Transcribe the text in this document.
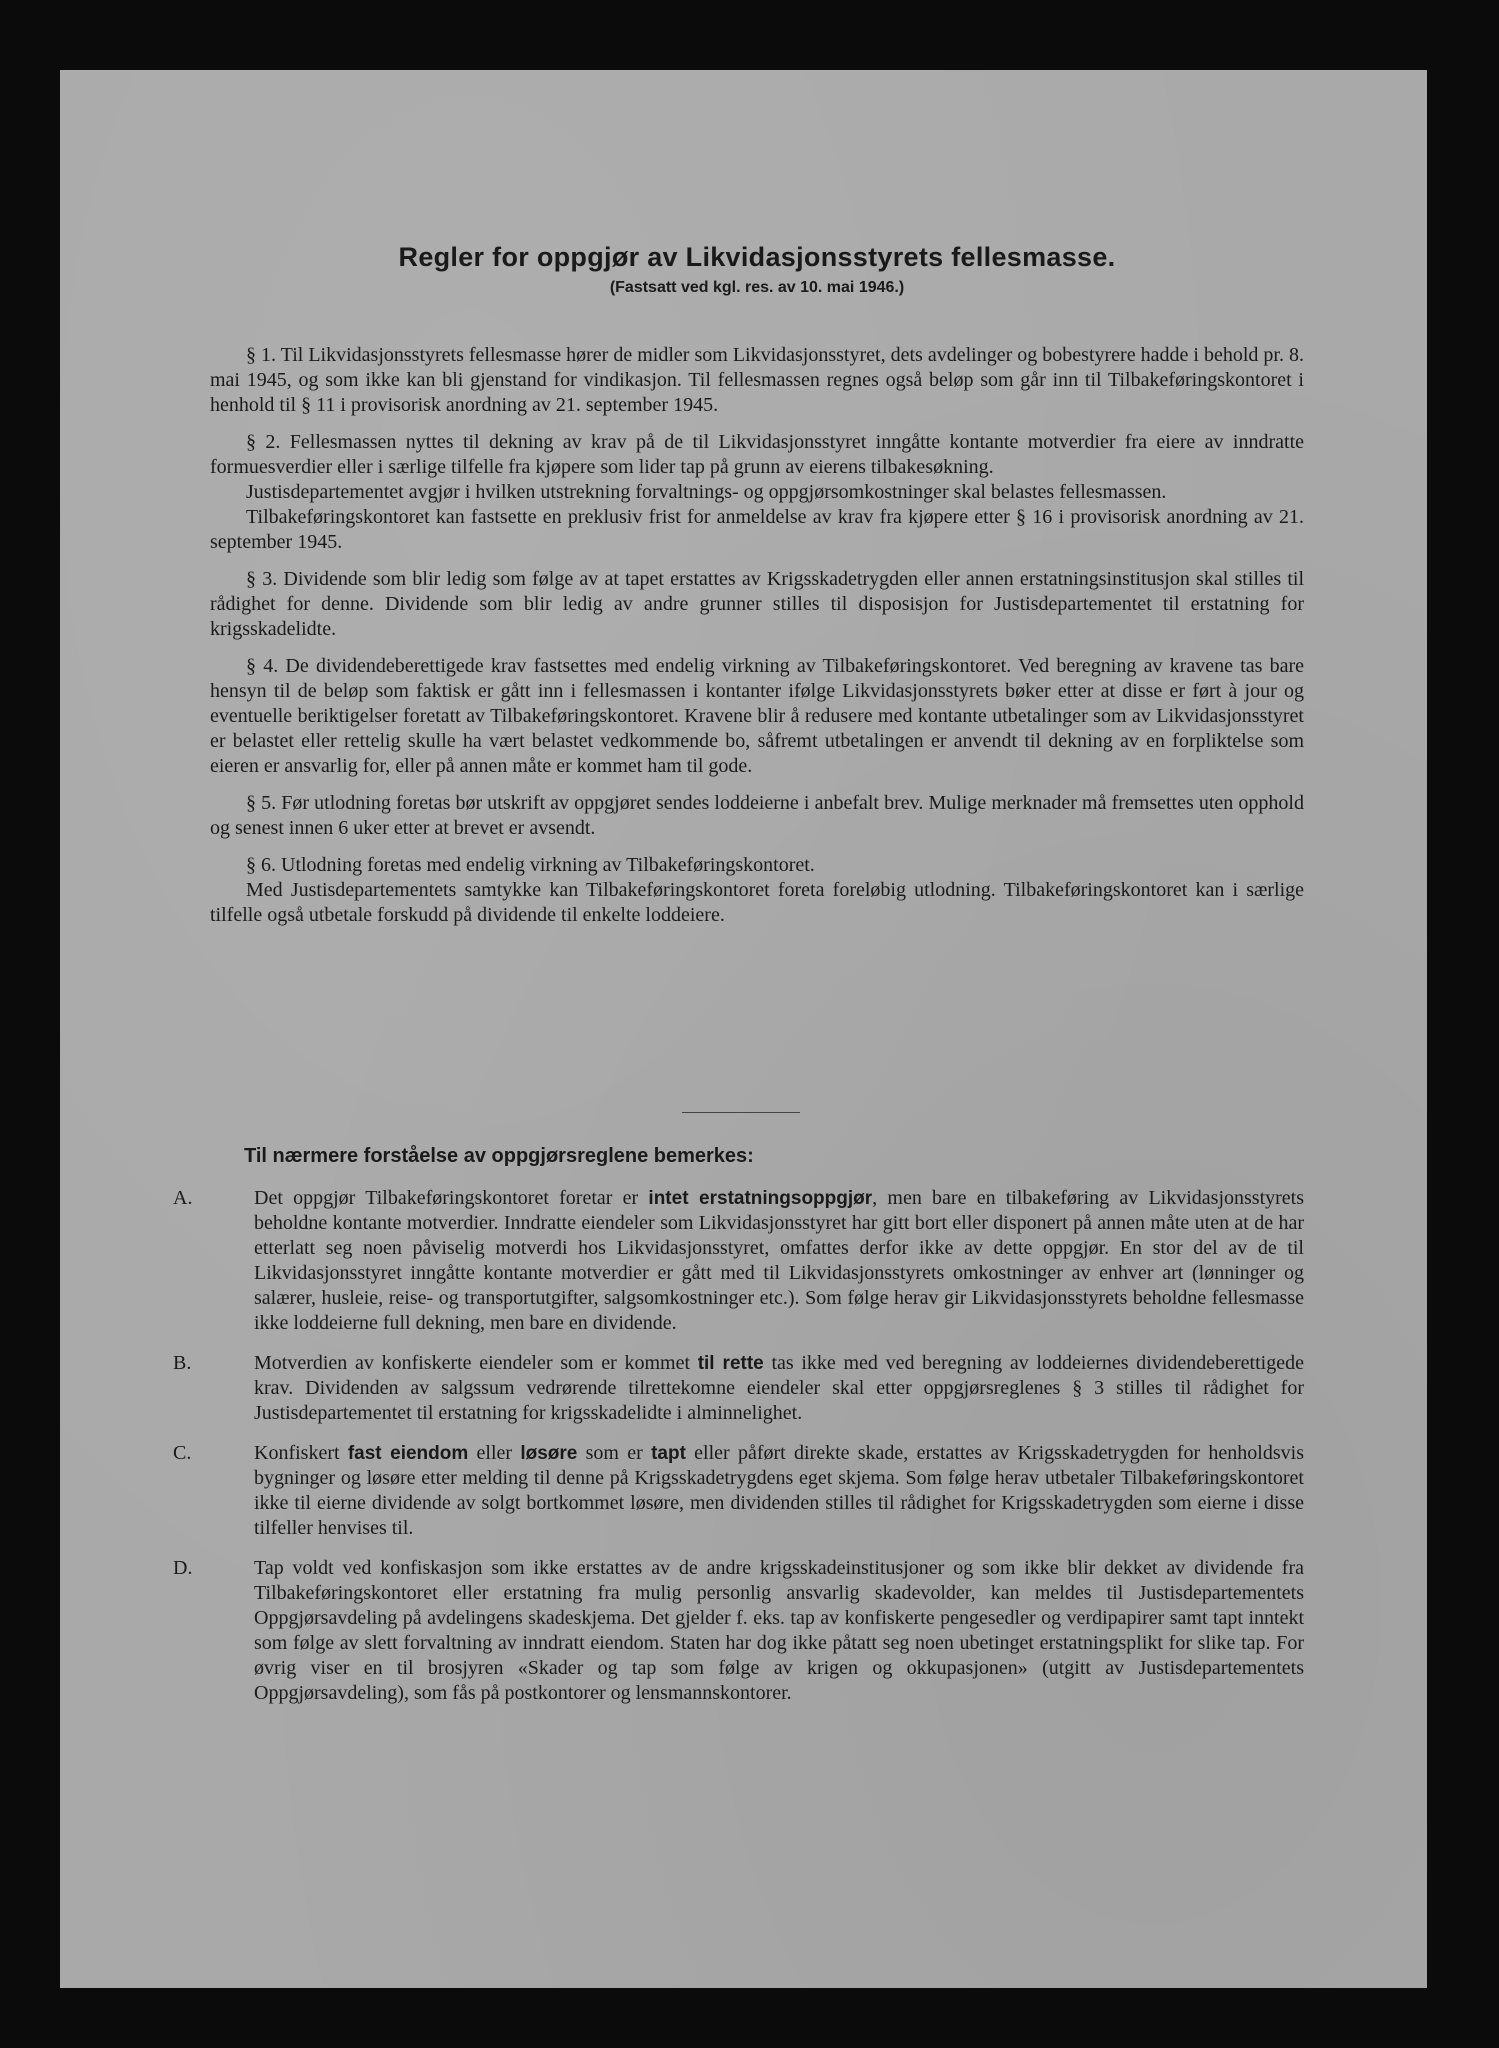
Regler for oppgjør av Likvidasjonsstyrets fellesmasse.
(Fastsatt ved kgl. res. av 10. mai 1946.)

§ 1. Til Likvidasjonsstyrets fellesmasse hører de midler som Likvidasjonsstyret, dets avdelinger og bobestyrere hadde i behold pr. 8. mai 1945, og som ikke kan bli gjenstand for vindikasjon. Til fellesmassen regnes også beløp som går inn til Tilbakeføringskontoret i henhold til § 11 i provisorisk anordning av 21. september 1945.

§ 2. Fellesmassen nyttes til dekning av krav på de til Likvidasjonsstyret inngåtte kontante motverdier fra eiere av inndratte formuesverdier eller i særlige tilfelle fra kjøpere som lider tap på grunn av eierens tilbakesøkning.

Justisdepartementet avgjør i hvilken utstrekning forvaltnings- og oppgjørsomkostninger skal belastes fellesmassen.

Tilbakeføringskontoret kan fastsette en preklusiv frist for anmeldelse av krav fra kjøpere etter § 16 i provisorisk anordning av 21. september 1945.

§ 3. Dividende som blir ledig som følge av at tapet erstattes av Krigsskadetrygden eller annen erstatningsinstitusjon skal stilles til rådighet for denne. Dividende som blir ledig av andre grunner stilles til disposisjon for Justisdepartementet til erstatning for krigsskadelidte.

§ 4. De dividendeberettigede krav fastsettes med endelig virkning av Tilbakeføringskontoret. Ved beregning av kravene tas bare hensyn til de beløp som faktisk er gått inn i fellesmassen i kontanter ifølge Likvidasjonsstyrets bøker etter at disse er ført à jour og eventuelle beriktigelser foretatt av Tilbakeføringskontoret. Kravene blir å redusere med kontante utbetalinger som av Likvidasjonsstyret er belastet eller rettelig skulle ha vært belastet vedkommende bo, såfremt utbetalingen er anvendt til dekning av en forpliktelse som eieren er ansvarlig for, eller på annen måte er kommet ham til gode.

§ 5. Før utlodning foretas bør utskrift av oppgjøret sendes loddeierne i anbefalt brev. Mulige merknader må fremsettes uten opphold og senest innen 6 uker etter at brevet er avsendt.

§ 6. Utlodning foretas med endelig virkning av Tilbakeføringskontoret.

Med Justisdepartementets samtykke kan Tilbakeføringskontoret foreta foreløbig utlodning. Tilbakeføringskontoret kan i særlige tilfelle også utbetale forskudd på dividende til enkelte loddeiere.

Til nærmere forståelse av oppgjørsreglene bemerkes:
A.	Det oppgjør Tilbakeføringskontoret foretar er intet erstatningsoppgjør, men bare en tilbakeføring av Likvidasjonsstyrets beholdne kontante motverdier. Inndratte eiendeler som Likvidasjonsstyret har gitt bort eller disponert på annen måte uten at de har etterlatt seg noen påviselig motverdi hos Likvidasjonsstyret, omfattes derfor ikke av dette oppgjør. En stor del av de til Likvidasjonsstyret inngåtte kontante motverdier er gått med til Likvidasjonsstyrets omkostninger av enhver art (lønninger og salærer, husleie, reise- og transportutgifter, salgsomkostninger etc.). Som følge herav gir Likvidasjonsstyrets beholdne fellesmasse ikke loddeierne full dekning, men bare en dividende.
B.	Motverdien av konfiskerte eiendeler som er kommet til rette tas ikke med ved beregning av loddeiernes dividendeberettigede krav. Dividenden av salgssum vedrørende tilrettekomne eiendeler skal etter oppgjørsreglenes § 3 stilles til rådighet for Justisdepartementet til erstatning for krigsskadelidte i alminnelighet.
C.	Konfiskert fast eiendom eller løsøre som er tapt eller påført direkte skade, erstattes av Krigsskadetrygden for henholdsvis bygninger og løsøre etter melding til denne på Krigsskadetrygdens eget skjema. Som følge herav utbetaler Tilbakeføringskontoret ikke til eierne dividende av solgt bortkommet løsøre, men dividenden stilles til rådighet for Krigsskadetrygden som eierne i disse tilfeller henvises til.
D.	Tap voldt ved konfiskasjon som ikke erstattes av de andre krigsskadeinstitusjoner og som ikke blir dekket av dividende fra Tilbakeføringskontoret eller erstatning fra mulig personlig ansvarlig skadevolder, kan meldes til Justisdepartementets Oppgjørsavdeling på avdelingens skadeskjema. Det gjelder f. eks. tap av konfiskerte pengesedler og verdipapirer samt tapt inntekt som følge av slett forvaltning av inndratt eiendom. Staten har dog ikke påtatt seg noen ubetinget erstatningsplikt for slike tap. For øvrig viser en til brosjyren «Skader og tap som følge av krigen og okkupasjonen» (utgitt av Justisdepartementets Oppgjørsavdeling), som fås på postkontorer og lensmannskontorer.
